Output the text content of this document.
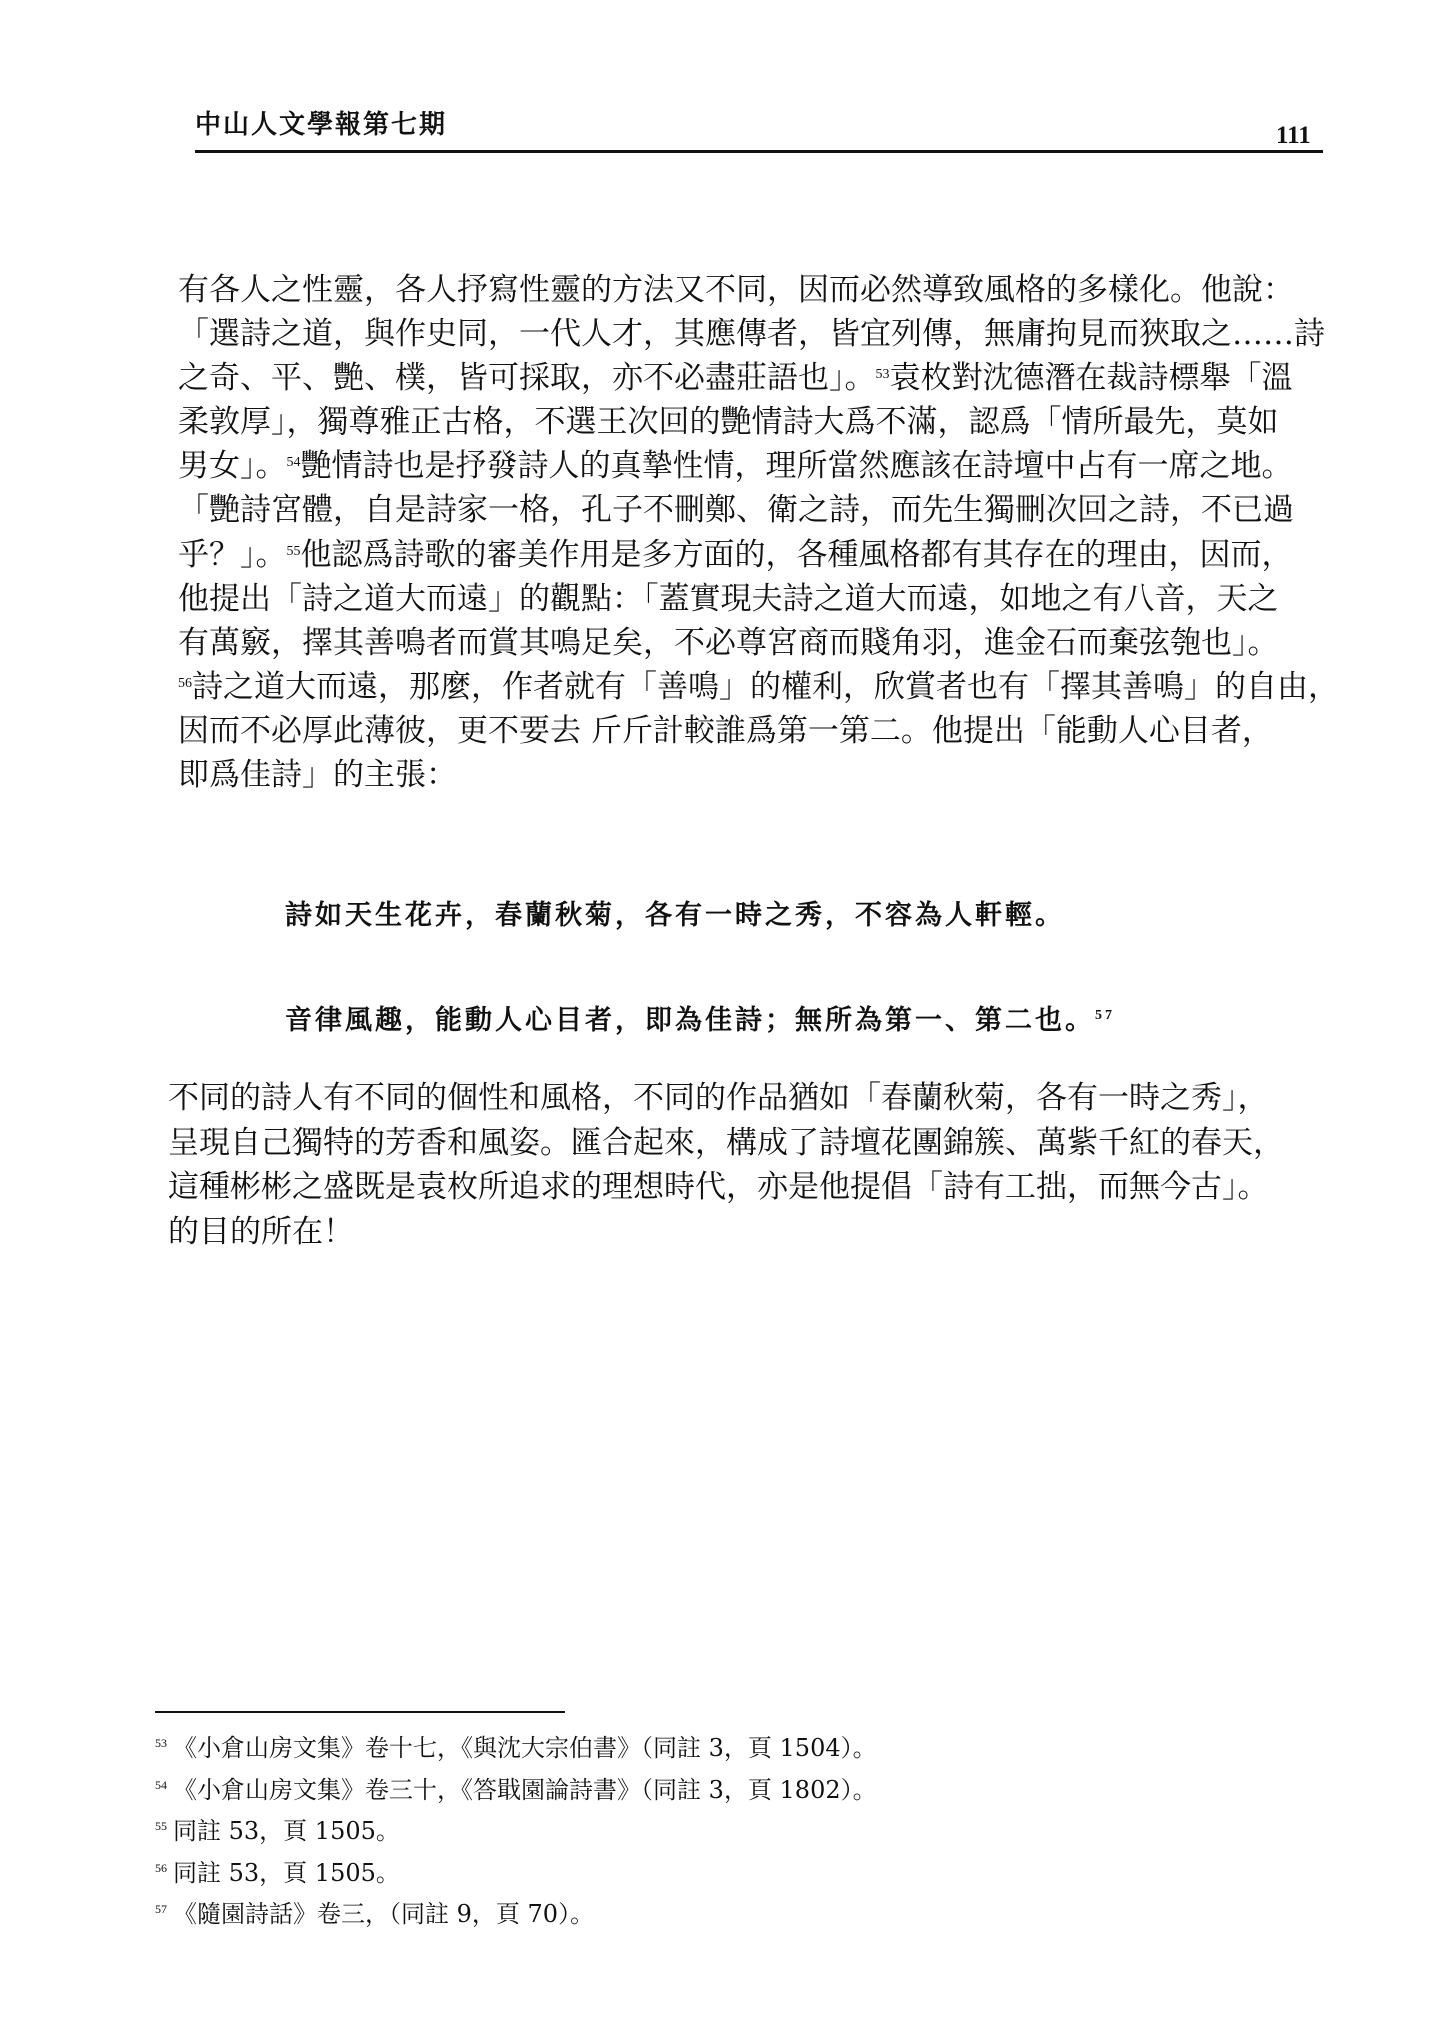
中山人文學報第七期	111

有各人之性靈，各人抒寫性靈的方法又不同，因而必然導致風格的多樣化。他說：

「選詩之道，與作史同，一代人才，其應傳者，皆宜列傳，無庸拘見而狹取之……詩

之奇、平、艷、樸，皆可採取，亦不必盡莊語也」。$^{53}$袁枚對沈德潛在裁詩標舉「溫

柔敦厚」，獨尊雅正古格，不選王次回的艷情詩大爲不滿，認爲「情所最先，莫如

男女」。$^{54}$艷情詩也是抒發詩人的真摯性情，理所當然應該在詩壇中占有一席之地。

「艷詩宮體，自是詩家一格，孔子不刪鄭、衛之詩，而先生獨刪次回之詩，不已過

乎？」。$^{55}$他認爲詩歌的審美作用是多方面的，各種風格都有其存在的理由，因而，

他提出「詩之道大而遠」的觀點：「蓋實現夫詩之道大而遠，如地之有八音，天之

有萬竅，擇其善鳴者而賞其鳴足矣，不必尊宮商而賤角羽，進金石而棄弦匏也」。

$^{56}$詩之道大而遠，那麼，作者就有「善鳴」的權利，欣賞者也有「擇其善鳴」的自由，

因而不必厚此薄彼，更不要去 斤斤計較誰爲第一第二。他提出「能動人心目者，

即爲佳詩」的主張：

詩如天生花卉，春蘭秋菊，各有一時之秀，不容為人軒輕。
音律風趣，能動人心目者，即為佳詩；無所為第一、第二也。$^{57}$

不同的詩人有不同的個性和風格，不同的作品猶如「春蘭秋菊，各有一時之秀」，

呈現自己獨特的芳香和風姿。匯合起來，構成了詩壇花團錦簇、萬紫千紅的春天，

這種彬彬之盛既是袁枚所追求的理想時代，亦是他提倡「詩有工拙，而無今古」。

的目的所在！

$^{53}$ 《小倉山房文集》卷十七，《與沈大宗伯書》（同註 3，頁 1504）。

$^{54}$ 《小倉山房文集》卷三十，《答戢園論詩書》（同註 3，頁 1802）。

$^{55}$ 同註 53，頁 1505。

$^{56}$ 同註 53，頁 1505。

$^{57}$ 《隨園詩話》卷三，（同註 9，頁 70）。
